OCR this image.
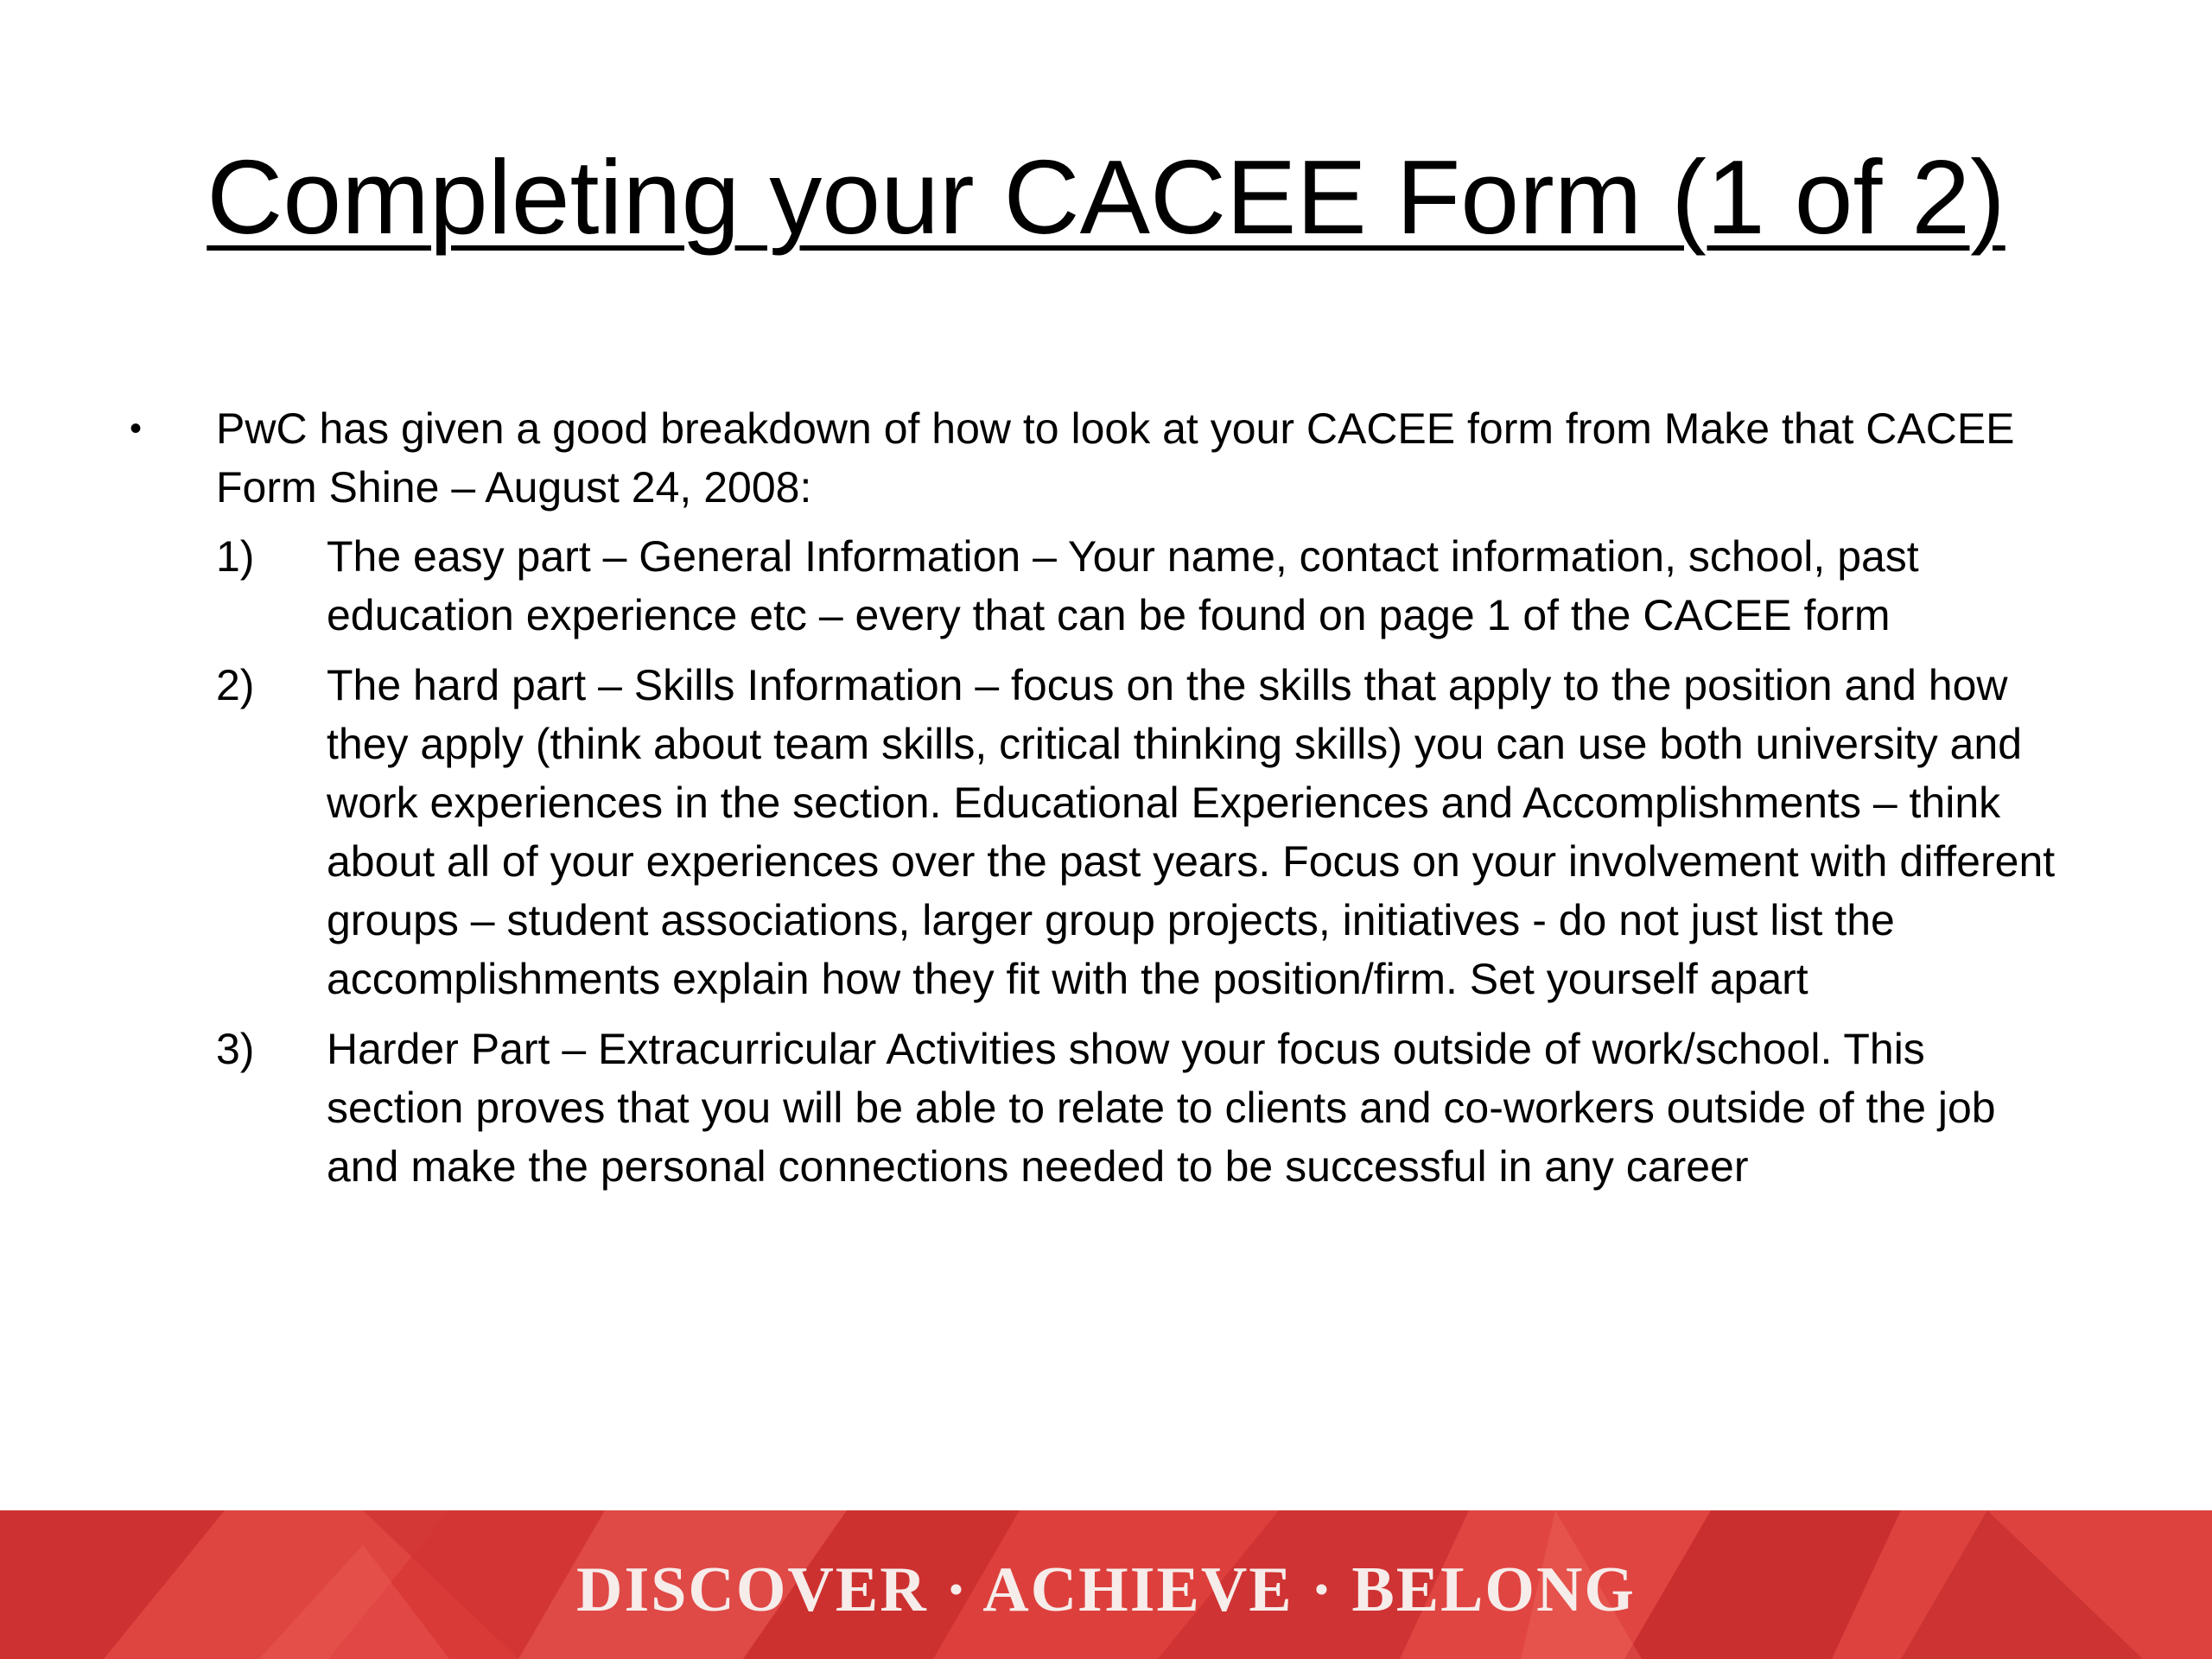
Completing your CACEE Form (1 of 2)
•	PwC has given a good breakdown of how to look at your CACEE form from Make that CACEE Form Shine – August 24, 2008:
1)	The easy part – General Information – Your name, contact information, school, past education experience etc – every that can be found on page 1 of the CACEE form
2)	The hard part – Skills Information – focus on the skills that apply to the position and how they apply (think about team skills, critical thinking skills) you can use both university and work experiences in the section. Educational Experiences and Accomplishments – think about all of your experiences over the past years. Focus on your involvement with different groups – student associations, larger group projects, initiatives - do not just list the accomplishments explain how they fit with the position/firm. Set yourself apart
3)	Harder Part – Extracurricular Activities show your focus outside of work/school. This section proves that you will be able to relate to clients and co-workers outside of the job and make the personal connections needed to be successful in any career
DISCOVER · ACHIEVE · BELONG
